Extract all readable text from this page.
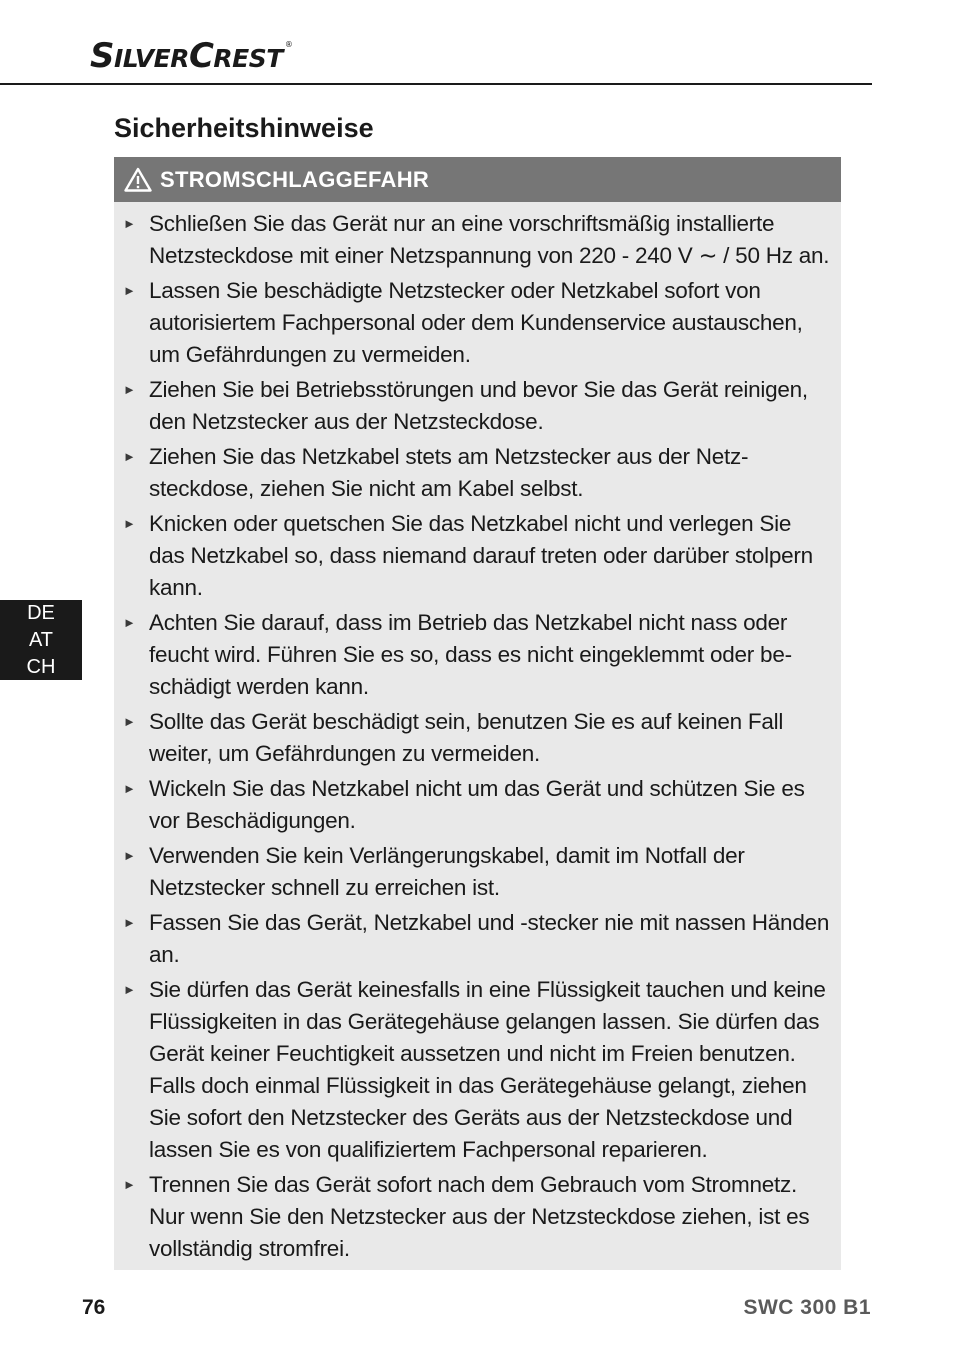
SILVERCREST ®
Sicherheitshinweise
STROMSCHLAGGEFAHR
► Schließen Sie das Gerät nur an eine vorschriftsmäßig installierte Netzsteckdose mit einer Netzspannung von 220 - 240 V ∼ / 50 Hz an.
► Lassen Sie beschädigte Netzstecker oder Netzkabel sofort von autorisiertem Fachpersonal oder dem Kundenservice austauschen, um Gefährdungen zu vermeiden.
► Ziehen Sie bei Betriebsstörungen und bevor Sie das Gerät reinigen, den Netzstecker aus der Netzsteckdose.
► Ziehen Sie das Netzkabel stets am Netzstecker aus der Netzsteckdose, ziehen Sie nicht am Kabel selbst.
► Knicken oder quetschen Sie das Netzkabel nicht und verlegen Sie das Netzkabel so, dass niemand darauf treten oder darüber stolpern kann.
► Achten Sie darauf, dass im Betrieb das Netzkabel nicht nass oder feucht wird. Führen Sie es so, dass es nicht eingeklemmt oder beschädigt werden kann.
► Sollte das Gerät beschädigt sein, benutzen Sie es auf keinen Fall weiter, um Gefährdungen zu vermeiden.
► Wickeln Sie das Netzkabel nicht um das Gerät und schützen Sie es vor Beschädigungen.
► Verwenden Sie kein Verlängerungskabel, damit im Notfall der Netzstecker schnell zu erreichen ist.
► Fassen Sie das Gerät, Netzkabel und -stecker nie mit nassen Händen an.
► Sie dürfen das Gerät keinesfalls in eine Flüssigkeit tauchen und keine Flüssigkeiten in das Gerätegehäuse gelangen lassen. Sie dürfen das Gerät keiner Feuchtigkeit aussetzen und nicht im Freien benutzen. Falls doch einmal Flüssigkeit in das Gerätegehäuse gelangt, ziehen Sie sofort den Netzstecker des Geräts aus der Netzsteckdose und lassen Sie es von qualifiziertem Fachpersonal reparieren.
► Trennen Sie das Gerät sofort nach dem Gebrauch vom Stromnetz. Nur wenn Sie den Netzstecker aus der Netzsteckdose ziehen, ist es vollständig stromfrei.
DE
AT
CH
76	SWC 300 B1
